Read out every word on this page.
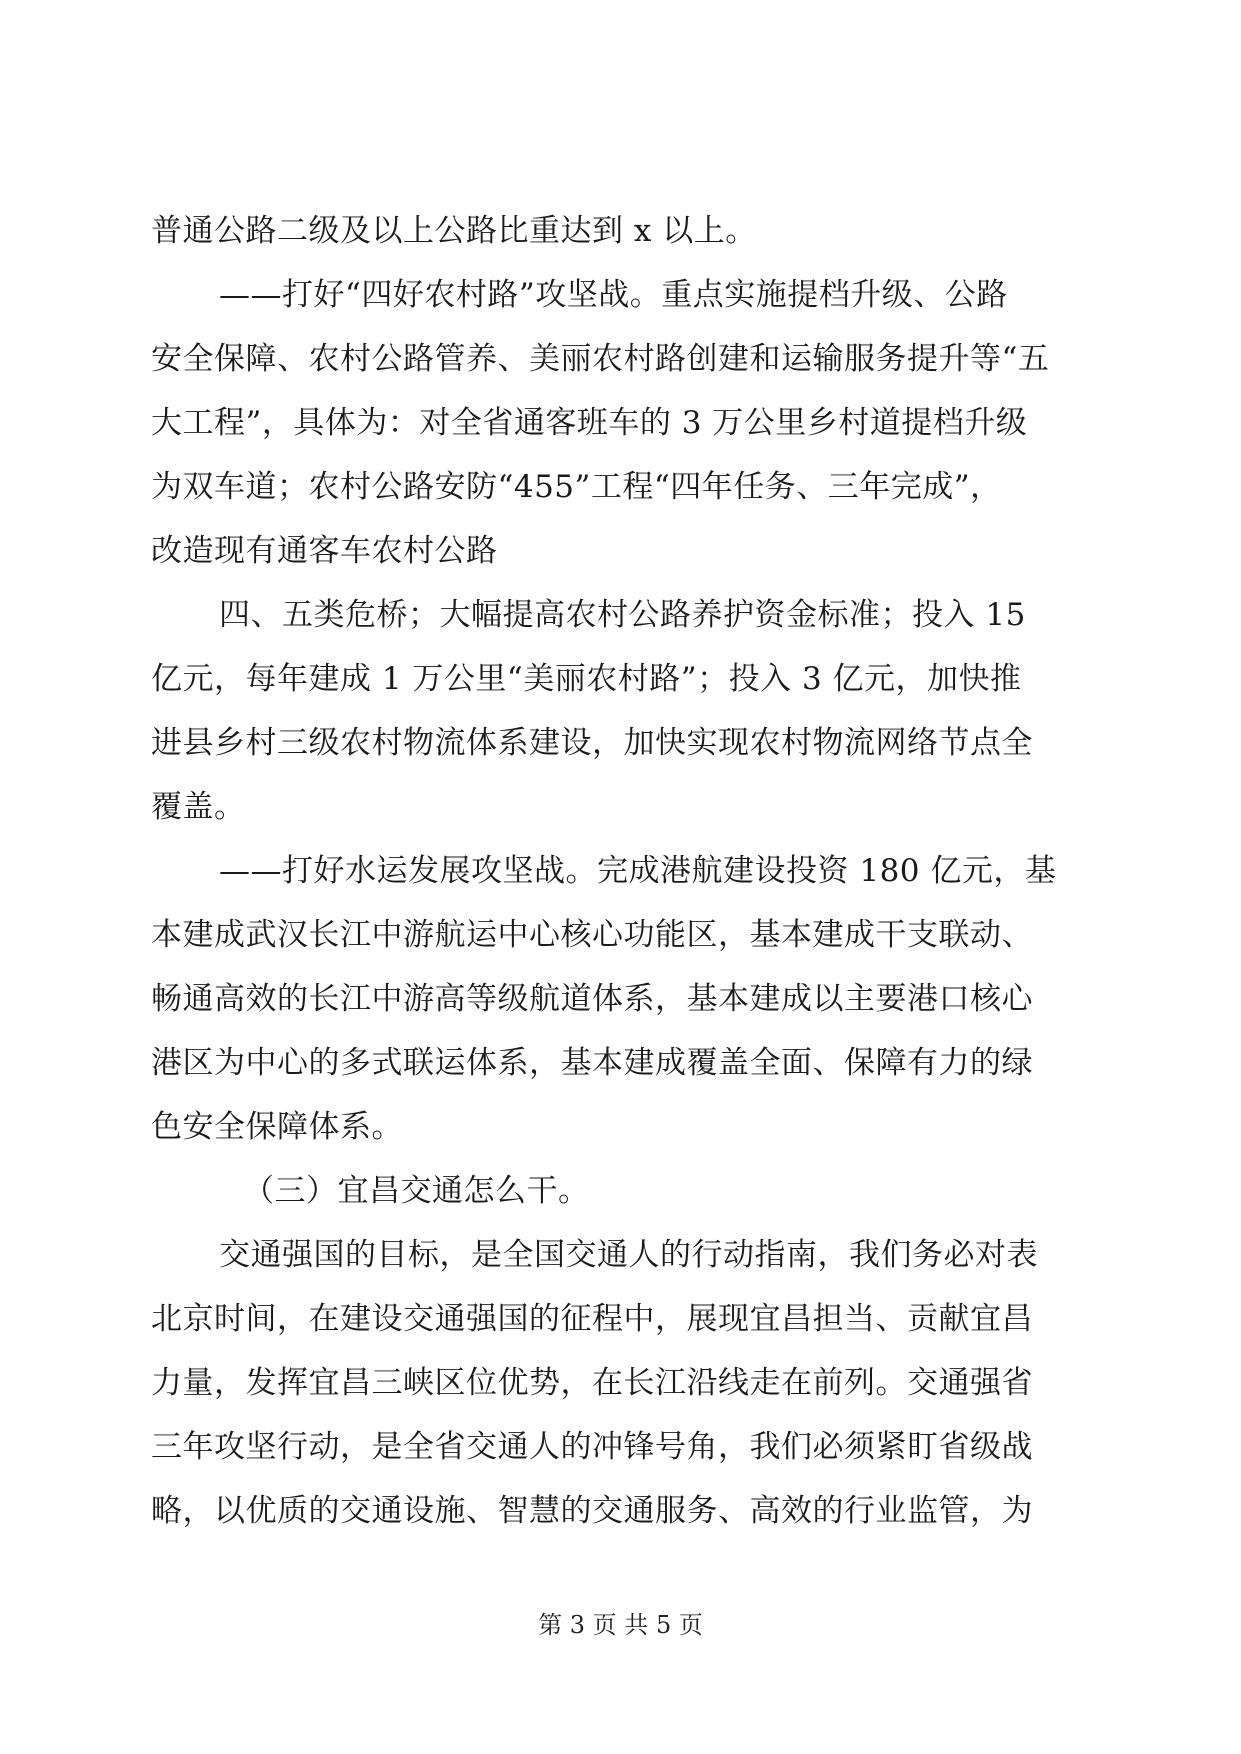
普通公路二级及以上公路比重达到 x 以上。
——打好“四好农村路”攻坚战。重点实施提档升级、公路
安全保障、农村公路管养、美丽农村路创建和运输服务提升等“五
大工程”，具体为：对全省通客班车的 3 万公里乡村道提档升级
为双车道；农村公路安防“455”工程“四年任务、三年完成”，
改造现有通客车农村公路
四、五类危桥；大幅提高农村公路养护资金标准；投入 15
亿元，每年建成 1 万公里“美丽农村路”；投入 3 亿元，加快推
进县乡村三级农村物流体系建设，加快实现农村物流网络节点全
覆盖。
——打好水运发展攻坚战。完成港航建设投资 180 亿元，基
本建成武汉长江中游航运中心核心功能区，基本建成干支联动、
畅通高效的长江中游高等级航道体系，基本建成以主要港口核心
港区为中心的多式联运体系，基本建成覆盖全面、保障有力的绿
色安全保障体系。
（三）宜昌交通怎么干。
交通强国的目标，是全国交通人的行动指南，我们务必对表
北京时间，在建设交通强国的征程中，展现宜昌担当、贡献宜昌
力量，发挥宜昌三峡区位优势，在长江沿线走在前列。交通强省
三年攻坚行动，是全省交通人的冲锋号角，我们必须紧盯省级战
略，以优质的交通设施、智慧的交通服务、高效的行业监管，为
第 3 页 共 5 页
